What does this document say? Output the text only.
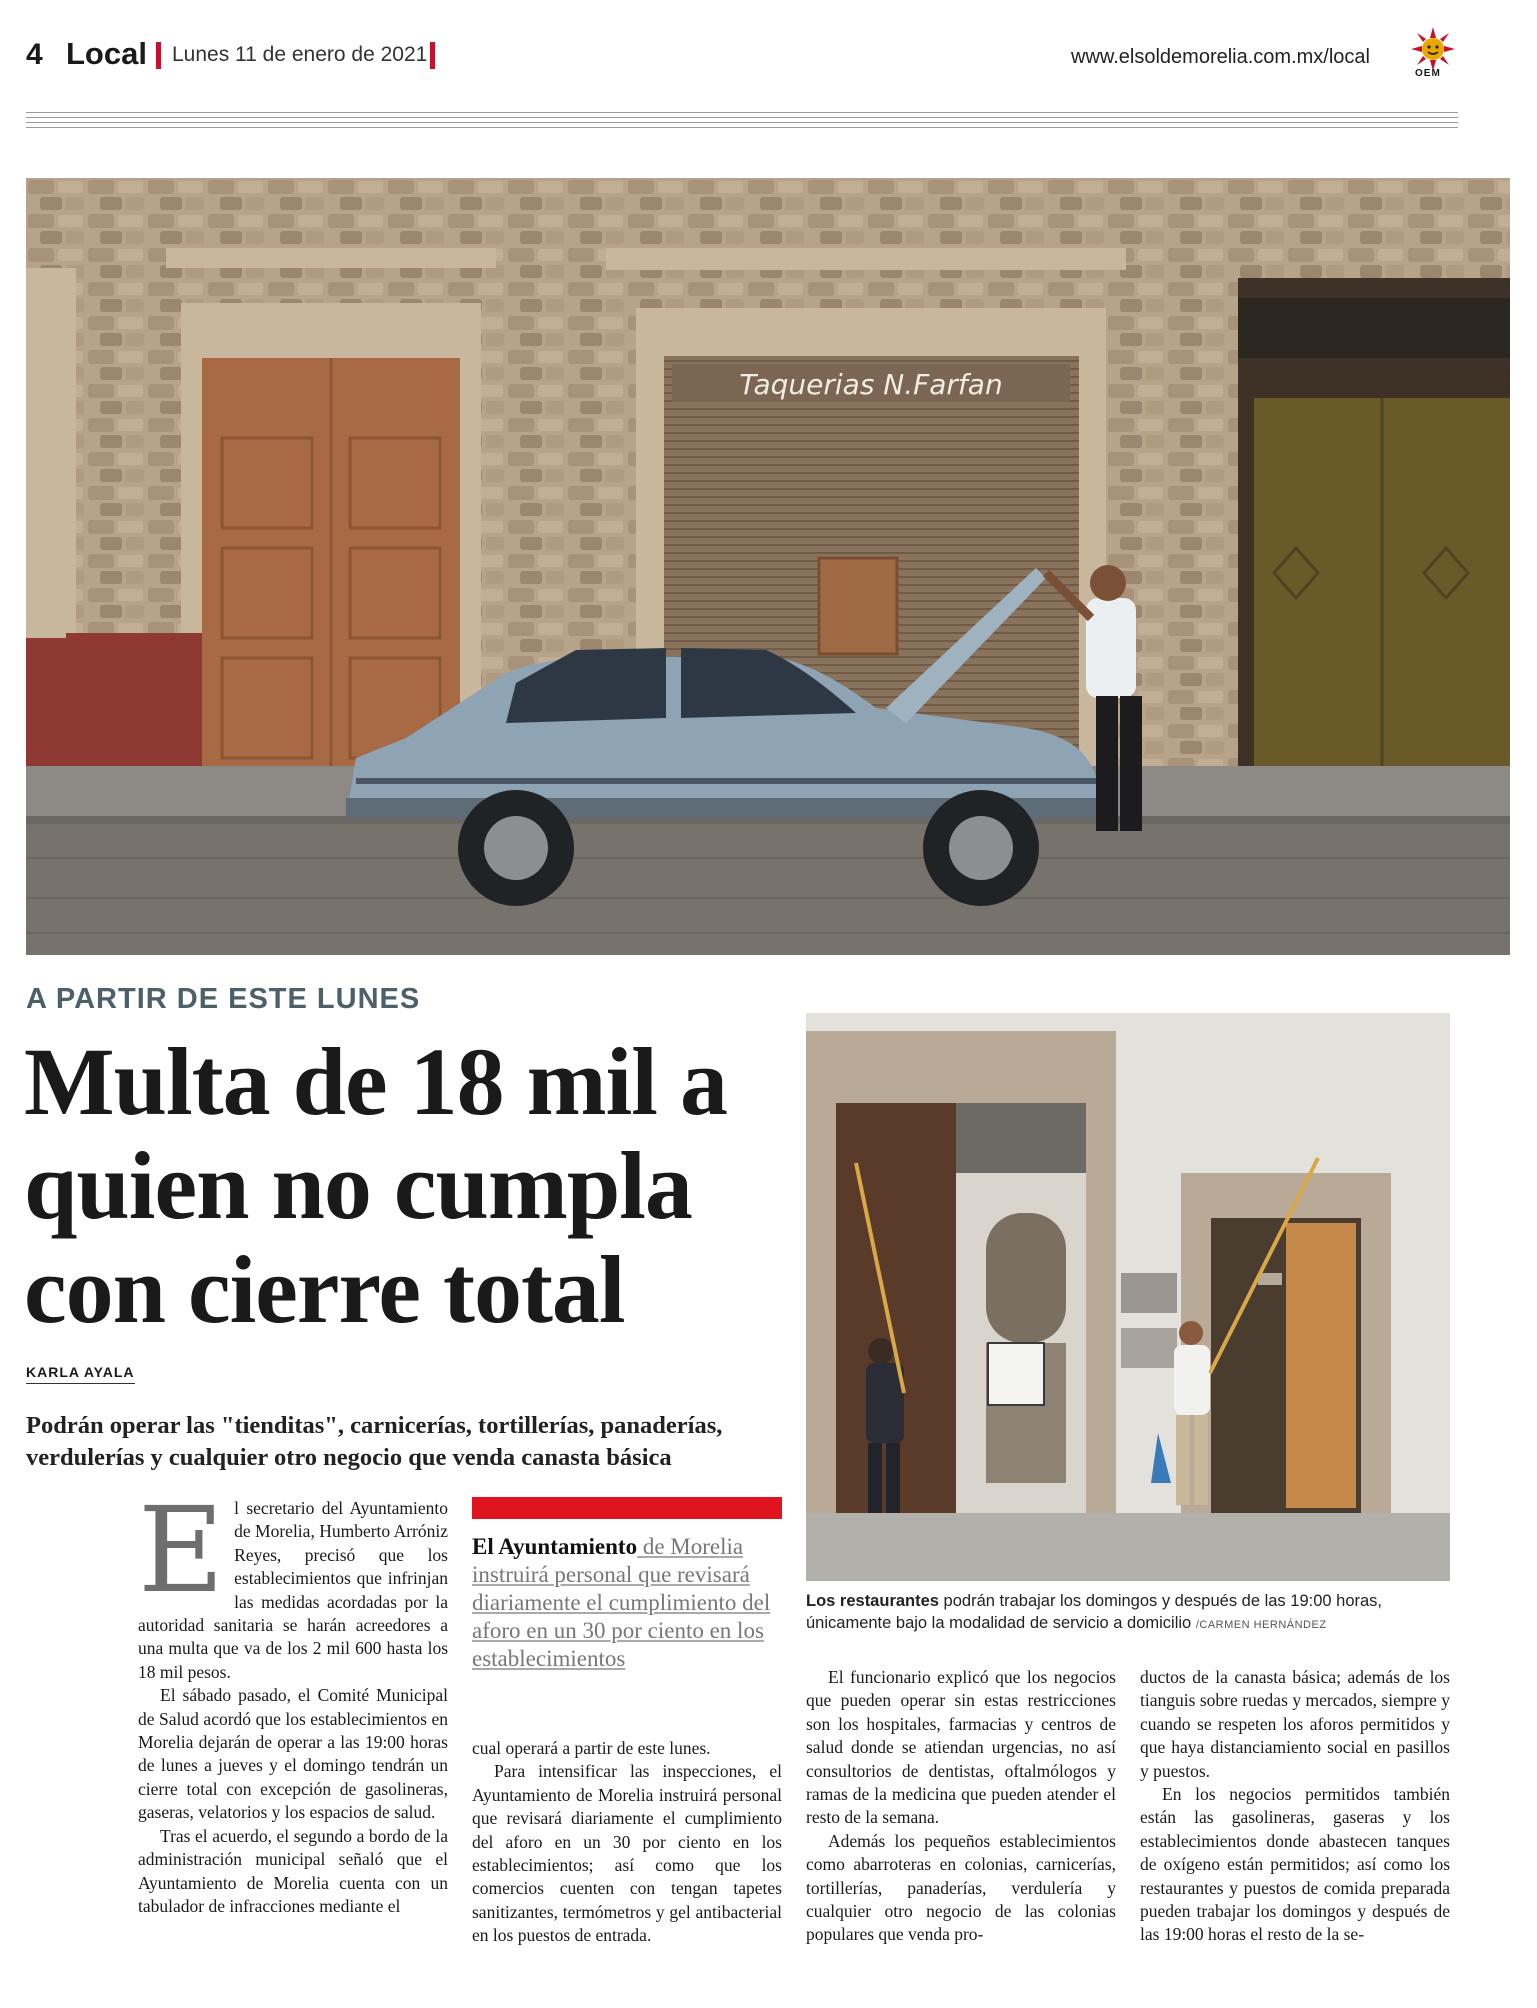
4 Local Lunes 11 de enero de 2021	www.elsoldemorelia.com.mx/local
OEM
Taquerias N.Farfan
A PARTIR DE ESTE LUNES
Multa de 18 mil a
quien no cumpla
con cierre total
KARLA AYALA
Podrán operar las "tienditas", carnicerías, tortillerías, panaderías, verdulerías y cualquier otro negocio que venda canasta básica
Los restaurantes podrán trabajar los domingos y después de las 19:00 horas, únicamente bajo la modalidad de servicio a domicilio /CARMEN HERNÁNDEZ

El secretario del Ayuntamiento de Morelia, Humberto Arróniz Reyes, precisó que los establecimientos que infrinjan las medidas acordadas por la autoridad sanitaria se harán acreedores a una multa que va de los 2 mil 600 hasta los 18 mil pesos.

El sábado pasado, el Comité Municipal de Salud acordó que los establecimientos en Morelia dejarán de operar a las 19:00 horas de lunes a jueves y el domingo tendrán un cierre total con excepción de gasolineras, gaseras, velatorios y los espacios de salud.

Tras el acuerdo, el segundo a bordo de la administración municipal señaló que el Ayuntamiento de Morelia cuenta con un tabulador de infracciones mediante el

El Ayuntamiento de Morelia instruirá personal que revisará diariamente el cumplimiento del aforo en un 30 por ciento en los establecimientos

cual operará a partir de este lunes.

Para intensificar las inspecciones, el Ayuntamiento de Morelia instruirá personal que revisará diariamente el cumplimiento del aforo en un 30 por ciento en los establecimientos; así como que los comercios cuenten con tengan tapetes sanitizantes, termómetros y gel antibacterial en los puestos de entrada.

El funcionario explicó que los negocios que pueden operar sin estas restricciones son los hospitales, farmacias y centros de salud donde se atiendan urgencias, no así consultorios de dentistas, oftalmólogos y ramas de la medicina que pueden atender el resto de la semana.

Además los pequeños establecimientos como abarroteras en colonias, carnicerías, tortillerías, panaderías, verdulería y cualquier otro negocio de las colonias populares que venda pro-

ductos de la canasta básica; además de los tianguis sobre ruedas y mercados, siempre y cuando se respeten los aforos permitidos y que haya distanciamiento social en pasillos y puestos.

En los negocios permitidos también están las gasolineras, gaseras y los establecimientos donde abastecen tanques de oxígeno están permitidos; así como los restaurantes y puestos de comida preparada pueden trabajar los domingos y después de las 19:00 horas el resto de la se-
